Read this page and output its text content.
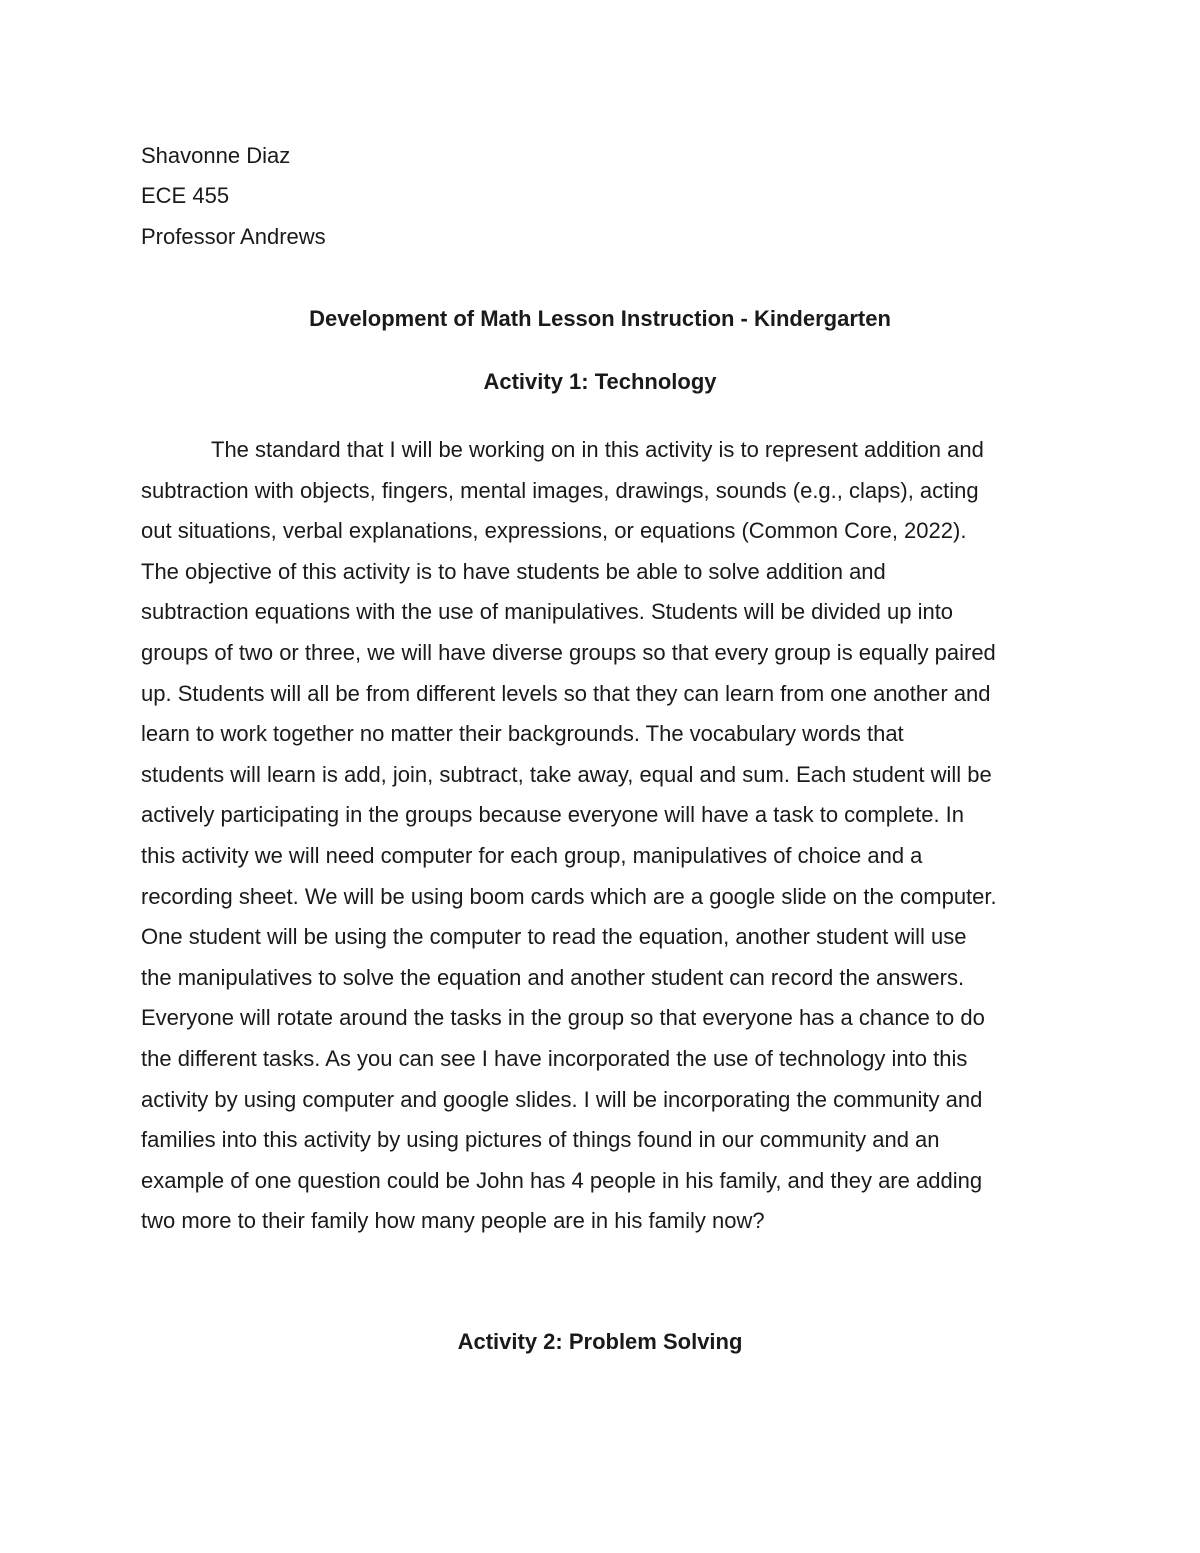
Shavonne Diaz
ECE 455
Professor Andrews
Development of Math Lesson Instruction - Kindergarten
Activity 1: Technology
The standard that I will be working on in this activity is to represent addition and
subtraction with objects, fingers, mental images, drawings, sounds (e.g., claps), acting
out situations, verbal explanations, expressions, or equations (Common Core, 2022).
The objective of this activity is to have students be able to solve addition and
subtraction equations with the use of manipulatives. Students will be divided up into
groups of two or three, we will have diverse groups so that every group is equally paired
up. Students will all be from different levels so that they can learn from one another and
learn to work together no matter their backgrounds. The vocabulary words that
students will learn is add, join, subtract, take away, equal and sum. Each student will be
actively participating in the groups because everyone will have a task to complete. In
this activity we will need computer for each group, manipulatives of choice and a
recording sheet. We will be using boom cards which are a google slide on the computer.
One student will be using the computer to read the equation, another student will use
the manipulatives to solve the equation and another student can record the answers.
Everyone will rotate around the tasks in the group so that everyone has a chance to do
the different tasks. As you can see I have incorporated the use of technology into this
activity by using computer and google slides. I will be incorporating the community and
families into this activity by using pictures of things found in our community and an
example of one question could be John has 4 people in his family, and they are adding
two more to their family how many people are in his family now?
Activity 2: Problem Solving
